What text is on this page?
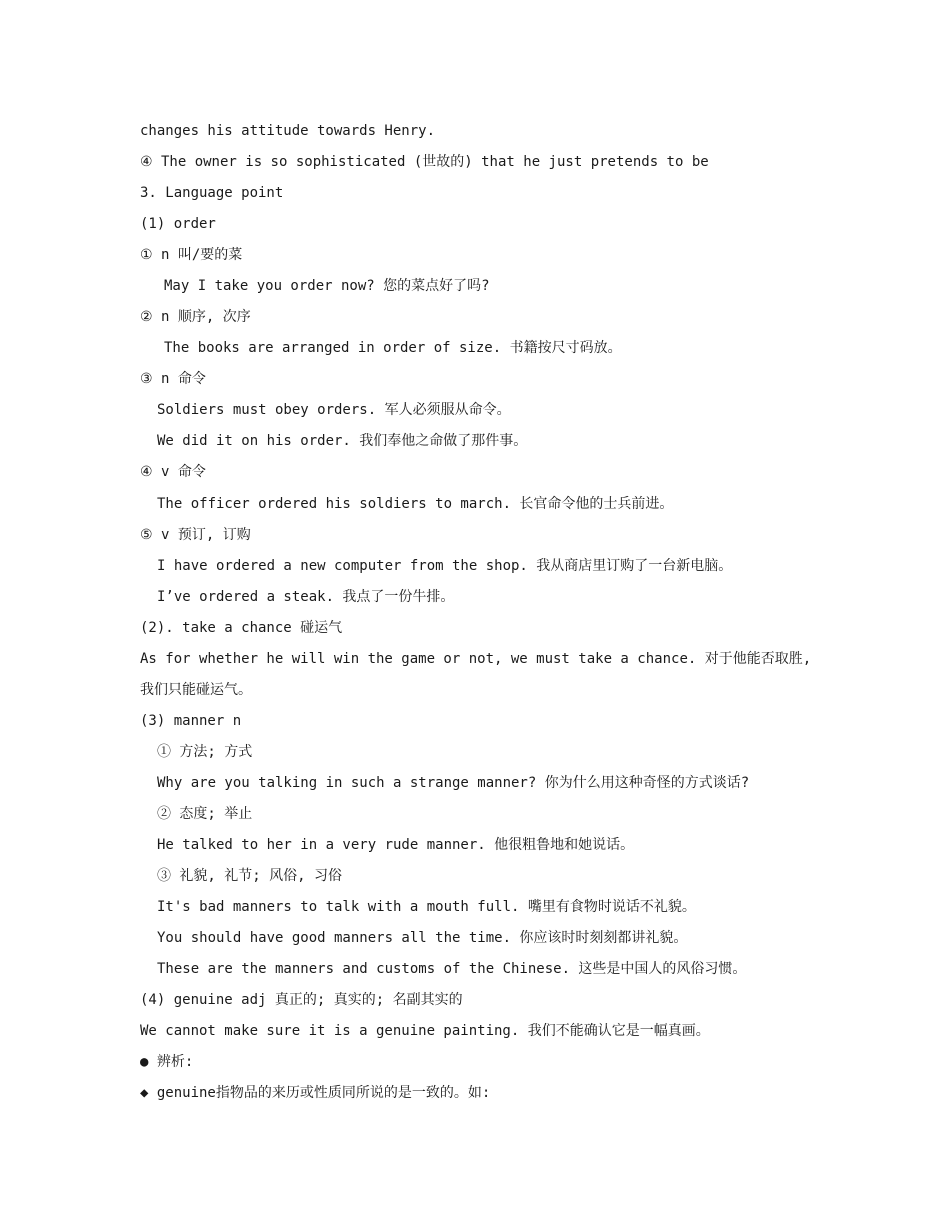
changes his attitude towards Henry.
④ The owner is so sophisticated (世故的) that he just pretends to be
3. Language point
(1) order
① n 叫/要的菜
May I take you order now? 您的菜点好了吗?
② n 顺序, 次序
The books are arranged in order of size. 书籍按尺寸码放。
③ n 命令
Soldiers must obey orders. 军人必须服从命令。
We did it on his order. 我们奉他之命做了那件事。
④ v 命令
The officer ordered his soldiers to march. 长官命令他的士兵前进。
⑤ v 预订, 订购
I have ordered a new computer from the shop. 我从商店里订购了一台新电脑。
I’ve ordered a steak. 我点了一份牛排。
(2). take a chance 碰运气
As for whether he will win the game or not, we must take a chance. 对于他能否取胜,
我们只能碰运气。
(3) manner n
① 方法; 方式
Why are you talking in such a strange manner? 你为什么用这种奇怪的方式谈话?
② 态度; 举止
He talked to her in a very rude manner. 他很粗鲁地和她说话。
③ 礼貌, 礼节; 风俗, 习俗
It's bad manners to talk with a mouth full. 嘴里有食物时说话不礼貌。
You should have good manners all the time. 你应该时时刻刻都讲礼貌。
These are the manners and customs of the Chinese. 这些是中国人的风俗习惯。
(4) genuine adj 真正的; 真实的; 名副其实的
We cannot make sure it is a genuine painting. 我们不能确认它是一幅真画。
● 辨析:
◆ genuine指物品的来历或性质同所说的是一致的。如:
